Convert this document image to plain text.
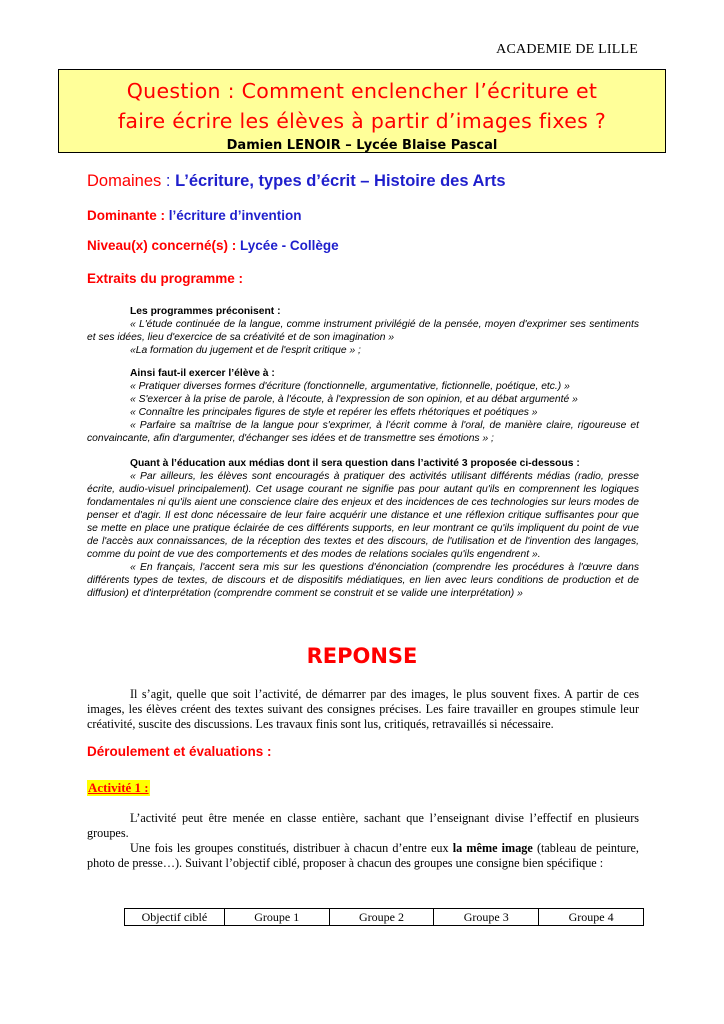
ACADEMIE DE LILLE
Question : Comment enclencher l’écriture et
faire écrire les élèves à partir d’images fixes ?
Damien LENOIR – Lycée Blaise Pascal
Domaines : L’écriture, types d’écrit – Histoire des Arts
Dominante : l’écriture d’invention
Niveau(x) concerné(s) : Lycée - Collège
Extraits du programme :

Les programmes préconisent :

« L'étude continuée de la langue, comme instrument privilégié de la pensée, moyen d'exprimer ses sentiments et ses idées, lieu d'exercice de sa créativité et de son imagination »

«La formation du jugement et de l'esprit critique » ;

Ainsi faut-il exercer l’élève à :

« Pratiquer diverses formes d'écriture (fonctionnelle, argumentative, fictionnelle, poétique, etc.) »

« S'exercer à la prise de parole, à l'écoute, à l'expression de son opinion, et au débat argumenté »

« Connaître les principales figures de style et repérer les effets rhétoriques et poétiques »

« Parfaire sa maîtrise de la langue pour s'exprimer, à l'écrit comme à l'oral, de manière claire, rigoureuse et convaincante, afin d'argumenter, d'échanger ses idées et de transmettre ses émotions » ;

Quant à l’éducation aux médias dont il sera question dans l’activité 3 proposée ci-dessous :

« Par ailleurs, les élèves sont encouragés à pratiquer des activités utilisant différents médias (radio, presse écrite, audio-visuel principalement). Cet usage courant ne signifie pas pour autant qu'ils en comprennent les logiques fondamentales ni qu'ils aient une conscience claire des enjeux et des incidences de ces technologies sur leurs modes de penser et d'agir. Il est donc nécessaire de leur faire acquérir une distance et une réflexion critique suffisantes pour que se mette en place une pratique éclairée de ces différents supports, en leur montrant ce qu'ils impliquent du point de vue de l'accès aux connaissances, de la réception des textes et des discours, de l'utilisation et de l'invention des langages, comme du point de vue des comportements et des modes de relations sociales qu'ils engendrent ».

« En français, l'accent sera mis sur les questions d'énonciation (comprendre les procédures à l'œuvre dans différents types de textes, de discours et de dispositifs médiatiques, en lien avec leurs conditions de production et de diffusion) et d'interprétation (comprendre comment se construit et se valide une interprétation) »

REPONSE

Il s’agit, quelle que soit l’activité, de démarrer par des images, le plus souvent fixes. A partir de ces images, les élèves créent des textes suivant des consignes précises. Les faire travailler en groupes stimule leur créativité, suscite des discussions. Les travaux finis sont lus, critiqués, retravaillés si nécessaire.

Déroulement et évaluations :
Activité 1 :

L’activité peut être menée en classe entière, sachant que l’enseignant divise l’effectif en plusieurs groupes.

Une fois les groupes constitués, distribuer à chacun d’entre eux la même image (tableau de peinture, photo de presse…). Suivant l’objectif ciblé, proposer à chacun des groupes une consigne bien spécifique :

Objectif ciblé	Groupe 1	Groupe 2	Groupe 3	Groupe 4
